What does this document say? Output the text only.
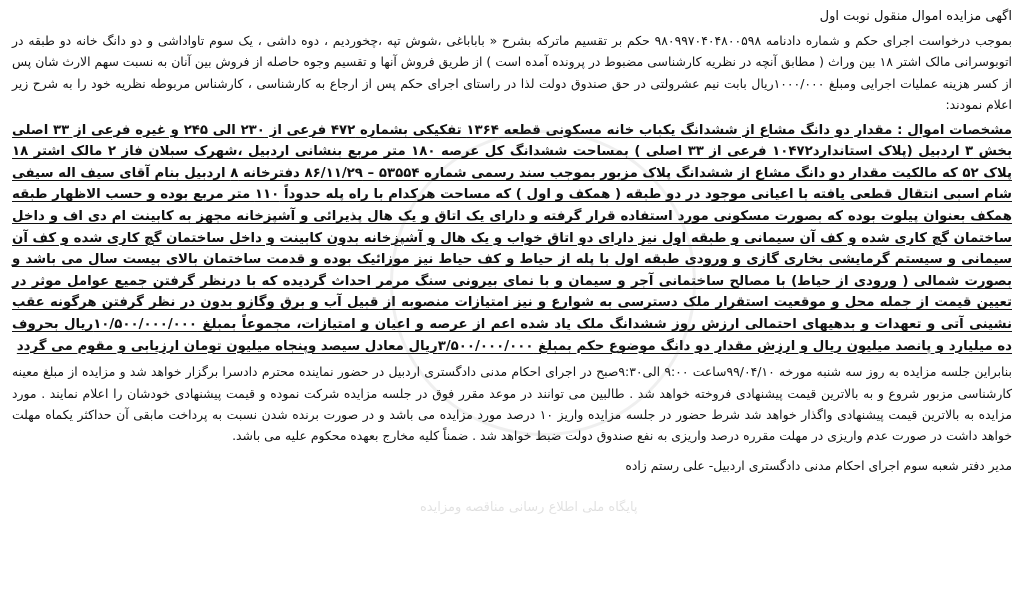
پایگاه ملی اطلاع رسانی مناقصه ومزایده
اگهی مزایده اموال منقول نوبت اول

بموجب درخواست اجرای حکم و شماره دادنامه ۹۸۰۹۹۷۰۴۰۴۸۰۰۵۹۸ حکم بر تقسیم ماترکه بشرح « باباباغی ،شوش تپه ،چخوردیم ، دوه داشی ، یک سوم تاواداشی و دو دانگ خانه دو طبقه در اتوبوسرانی مالک اشتر ۱۸ بین وراث ( مطابق آنچه در نظریه کارشناسی مضبوط در پرونده آمده است ) از طریق فروش آنها و تقسیم وجوه حاصله از فروش بین آنان به نسبت سهم الارث شان پس از کسر هزینه عملیات اجرایی ومبلغ ۱۰۰۰/۰۰۰ریال بابت نیم عشرولتی در حق صندوق دولت لذا در راستای اجرای حکم پس از ارجاع به کارشناسی ، کارشناس مربوطه نظریه خود را به شرح زیر اعلام نمودند:

مشخصات اموال : مقدار دو دانگ مشاع از ششدانگ یکباب خانه مسکونی قطعه ۱۳۶۴ تفکیکی بشماره ۴۷۲ فرعی از ۲۳۰ الی ۲۴۵ و غیره فرعی از ۳۳ اصلی بخش ۳ اردبیل (پلاک استاندارد۱۰۴۷۲ فرعی از ۳۳ اصلی ) بمساحت ششدانگ کل عرصه ۱۸۰ متر مربع بنشانی اردبیل ،شهرک سبلان فاز ۲ مالک اشتر ۱۸ پلاک ۵۲ که مالکیت مقدار دو دانگ مشاع از ششدانگ پلاک مزبور بموجب سند رسمی شماره ۵۳۵۵۴ – ۸۶/۱۱/۲۹ دفترخانه ۸ اردبیل بنام آقای سیف اله سیفی شام اسبی انتقال قطعی یافته با اعیانی موجود در دو طبقه ( همکف و اول ) که مساحت هرکدام با راه پله حدوداً ۱۱۰ متر مربع بوده و حسب الاظهار طبقه همکف بعنوان پیلوت بوده که بصورت مسکونی مورد استفاده قرار گرفته و دارای یک اتاق و یک هال پذیرائی و آشپزخانه مجهز به کابینت ام دی اف و داخل ساختمان گچ کاری شده و کف آن سیمانی و طبقه اول نیز دارای دو اتاق خواب و یک هال و آشپزخانه بدون کابینت و داخل ساختمان گچ کاری شده و کف آن سیمانی و سیستم گرمایشی بخاری گازی و ورودی طبقه اول با پله از حیاط و کف حیاط نیز موزائیک بوده و قدمت ساختمان بالای بیست سال می باشد و بصورت شمالی ( ورودی از حیاط) با مصالح ساختمانی آجر و سیمان و با نمای بیرونی سنگ مرمر احداث گردیده که با درنظر گرفتن جمیع عوامل موثر در تعیین قیمت از جمله محل و موقعیت استقرار ملک دسترسی به شوارع و نیز امتیازات منصوبه از قبیل آب و برق وگازو بدون در نظر گرفتن هرگونه عقب نشینی آتی و تعهدات و بدهیهای احتمالی ارزش روز ششدانگ ملک یاد شده اعم از عرصه و اعیان و امتیازات، مجموعاً بمبلغ ۱۰/۵۰۰/۰۰۰/۰۰۰ریال بحروف ده میلیارد و پانصد میلیون ریال و ارزش مقدار دو دانگ موضوع حکم بمبلغ ۳/۵۰۰/۰۰۰/۰۰۰ریال معادل سیصد وپنجاه میلیون تومان ارزیابی و مقوم می گردد

بنابراین جلسه مزایده به روز سه شنبه مورخه ۹۹/۰۴/۱۰ساعت ۹:۰۰ الی۹:۳۰صبح در اجرای احکام مدنی دادگستری اردبیل در حضور نماینده محترم دادسرا برگزار خواهد شد و مزایده از مبلغ معینه کارشناسی مزبور شروع و به بالاترین قیمت پیشنهادی فروخته خواهد شد . طالبین می توانند در موعد مقرر فوق در جلسه مزایده شرکت نموده و قیمت پیشنهادی خودشان را اعلام نمایند . مورد مزایده به بالاترین قیمت پیشنهادی واگذار خواهد شد شرط حضور در جلسه مزایده واریز ۱۰ درصد مورد مزایده می باشد و در صورت برنده شدن نسبت به پرداخت مابقی آن حداکثر یکماه مهلت خواهد داشت در صورت عدم واریزی در مهلت مقرره درصد واریزی به نفع صندوق دولت ضبط خواهد شد . ضمناً کلیه مخارج بعهده محکوم علیه می باشد.

مدیر دفتر شعبه سوم اجرای احکام مدنی دادگستری اردبیل- علی رستم زاده
